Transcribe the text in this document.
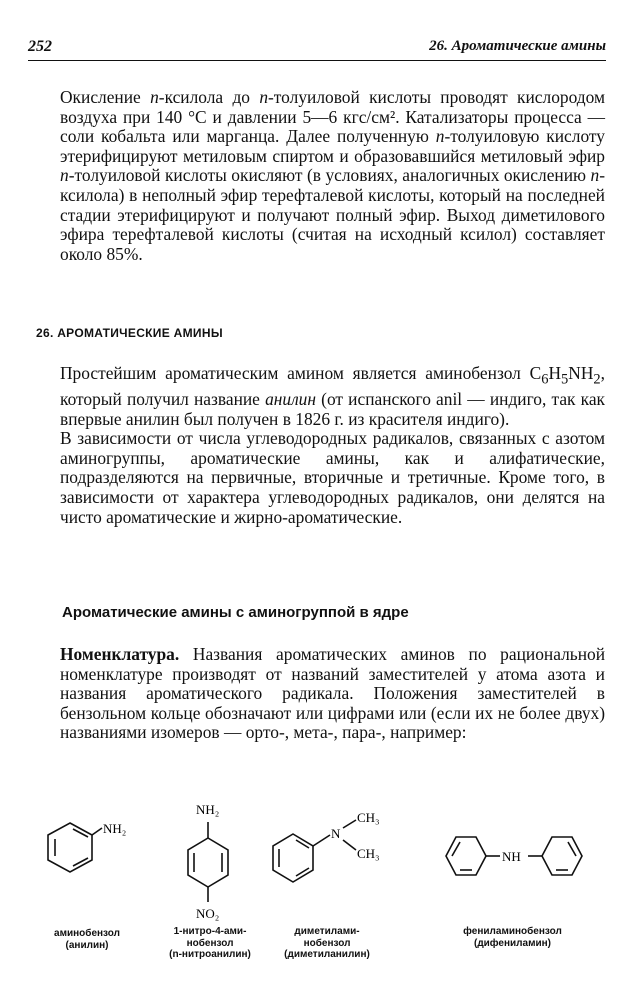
252	26. Ароматические амины

Окисление n-ксилола до n-толуиловой кислоты проводят кислородом воздуха при 140 °C и давлении 5—6 кгс/см². Катализаторы процесса — соли кобальта или марганца. Далее полученную n-толуиловую кислоту этерифицируют метиловым спиртом и образовавшийся метиловый эфир n-толуиловой кислоты окисляют (в условиях, аналогичных окислению n-ксилола) в неполный эфир терефталевой кислоты, который на последней стадии этерифицируют и получают полный эфир. Выход диметилового эфира терефталевой кислоты (считая на исходный ксилол) составляет около 85%.

26. АРОМАТИЧЕСКИЕ АМИНЫ

Простейшим ароматическим амином является аминобензол $C_6H_5NH_2$, который получил название анилин (от испанского anil — индиго, так как впервые анилин был получен в 1826 г. из красителя индиго).

В зависимости от числа углеводородных радикалов, связанных с азотом аминогруппы, ароматические амины, как и алифатические, подразделяются на первичные, вторичные и третичные. Кроме того, в зависимости от характера углеводородных радикалов, они делятся на чисто ароматические и жирно-ароматические.

Ароматические амины с аминогруппой в ядре

Номенклатура. Названия ароматических аминов по рациональной номенклатуре производят от названий заместителей у атома азота и названия ароматического радикала. Положения заместителей в бензольном кольце обозначают или цифрами или (если их не более двух) названиями изомеров — орто-, мета-, пара-, например:

NH₂
NH₂
NO₂
N
CH₃
CH₃	NH
аминобензол
(анилин)
1-нитро-4-ами-
нобензол
(n-нитроанилин)
диметилами-
нобензол
(диметиланилин)
фениламинобензол
(дифениламин)
